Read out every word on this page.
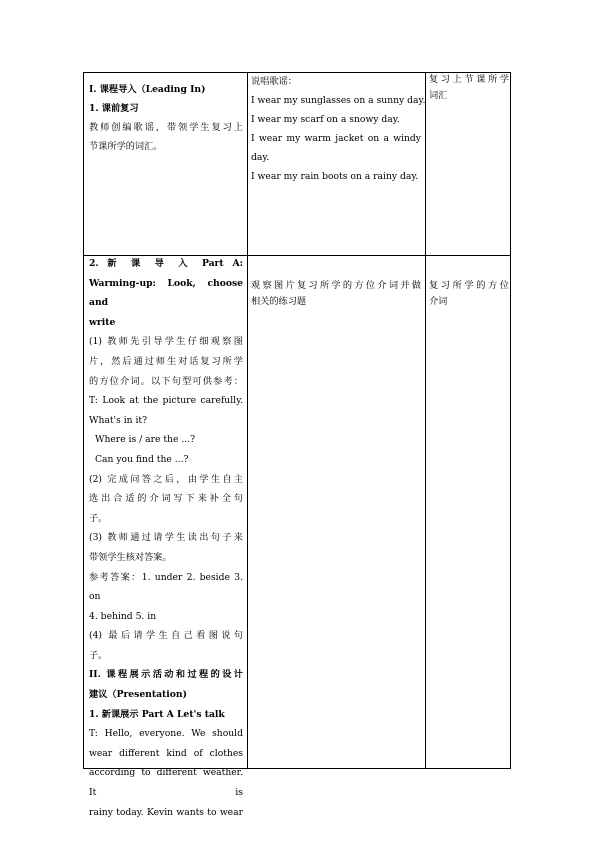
I. 课程导入（Leading In)
1. 课前复习
教师创编歌谣，带领学生复习上
节课所学的词汇。
说唱歌谣：
I wear my sunglasses on a sunny day.
I wear my scarf on a snowy day.
I wear my warm jacket on a windy
day.
I wear my rain boots on a rainy day.
复习上节课所学
词汇
2. 新 课 导 入 Part A:
Warming-up: Look, choose and
write
(1) 教师先引导学生仔细观察图
片，然后通过师生对话复习所学
的方位介词。以下句型可供参考：
T: Look at the picture carefully.
What's in it?
Where is / are the ...?
Can you find the ...?
(2) 完成问答之后，由学生自主
选出合适的介词写下来补全句
子。
(3) 教师通过请学生读出句子来
带领学生核对答案。
参考答案：1. under 2. beside 3. on
4. behind 5. in
(4) 最后请学生自己看图说句
子。
II. 课程展示活动和过程的设计
建议（Presentation)
1. 新课展示 Part A Let's talk
T: Hello, everyone. We should
wear different kind of clothes
according to different weather. It is
rainy today. Kevin wants to wear
观察图片复习所学的方位介词并做
相关的练习题
复习所学的方位
介词
